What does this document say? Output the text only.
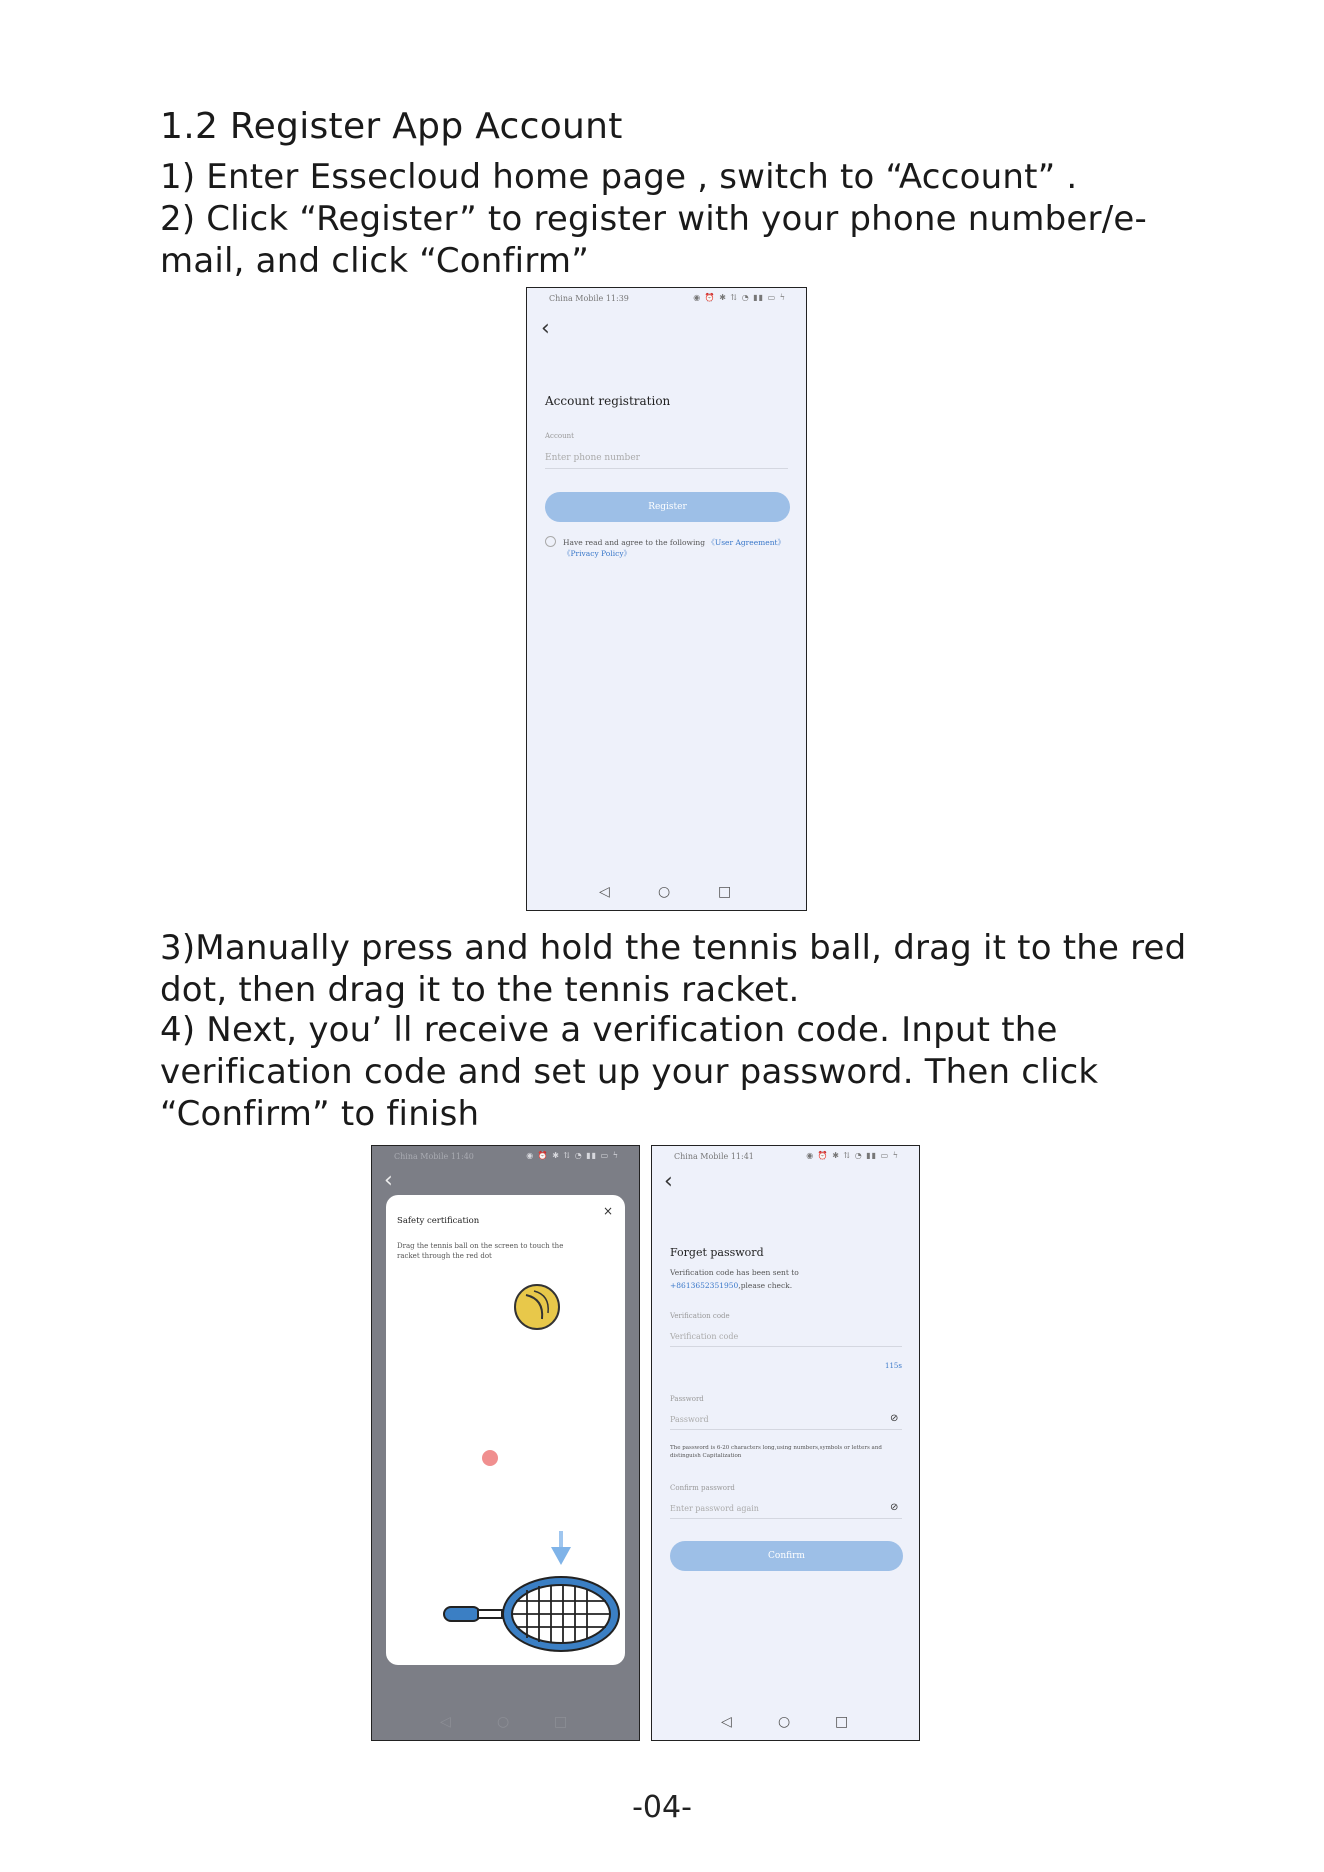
1.2 Register App Account

1) Enter Essecloud home page , switch to “Account” .

2) Click “Register” to register with your phone number/e-mail, and click “Confirm”

China Mobile 11:39	◉ ⏰ ✱ ⇅ ◔ ▮▮ ▭ ϟ
‹
Account registration
Account
Enter phone number
Register
Have read and agree to the following 《User Agreement》
《Privacy Policy》
◁	○	□

3)Manually press and hold the tennis ball, drag it to the red dot, then drag it to the tennis racket.

4) Next, you’ ll receive a verification code. Input the verification code and set up your password. Then click “Confirm” to finish

China Mobile 11:40	◉ ⏰ ✱ ⇅ ◔ ▮▮ ▭ ϟ
‹
Safety certification
×
Drag the tennis ball on the screen to touch the racket through the red dot
◁	○	□
China Mobile 11:41	◉ ⏰ ✱ ⇅ ◔ ▮▮ ▭ ϟ
‹
Forget password
Verification code has been sent to
+8613652351950,please check.
Verification code
Verification code
115s
Password
Password	⊘
The password is 6-20 characters long,using numbers,symbols or letters and distinguish Capitalization
Confirm password
Enter password again	⊘
Confirm
◁	○	□
-04-
